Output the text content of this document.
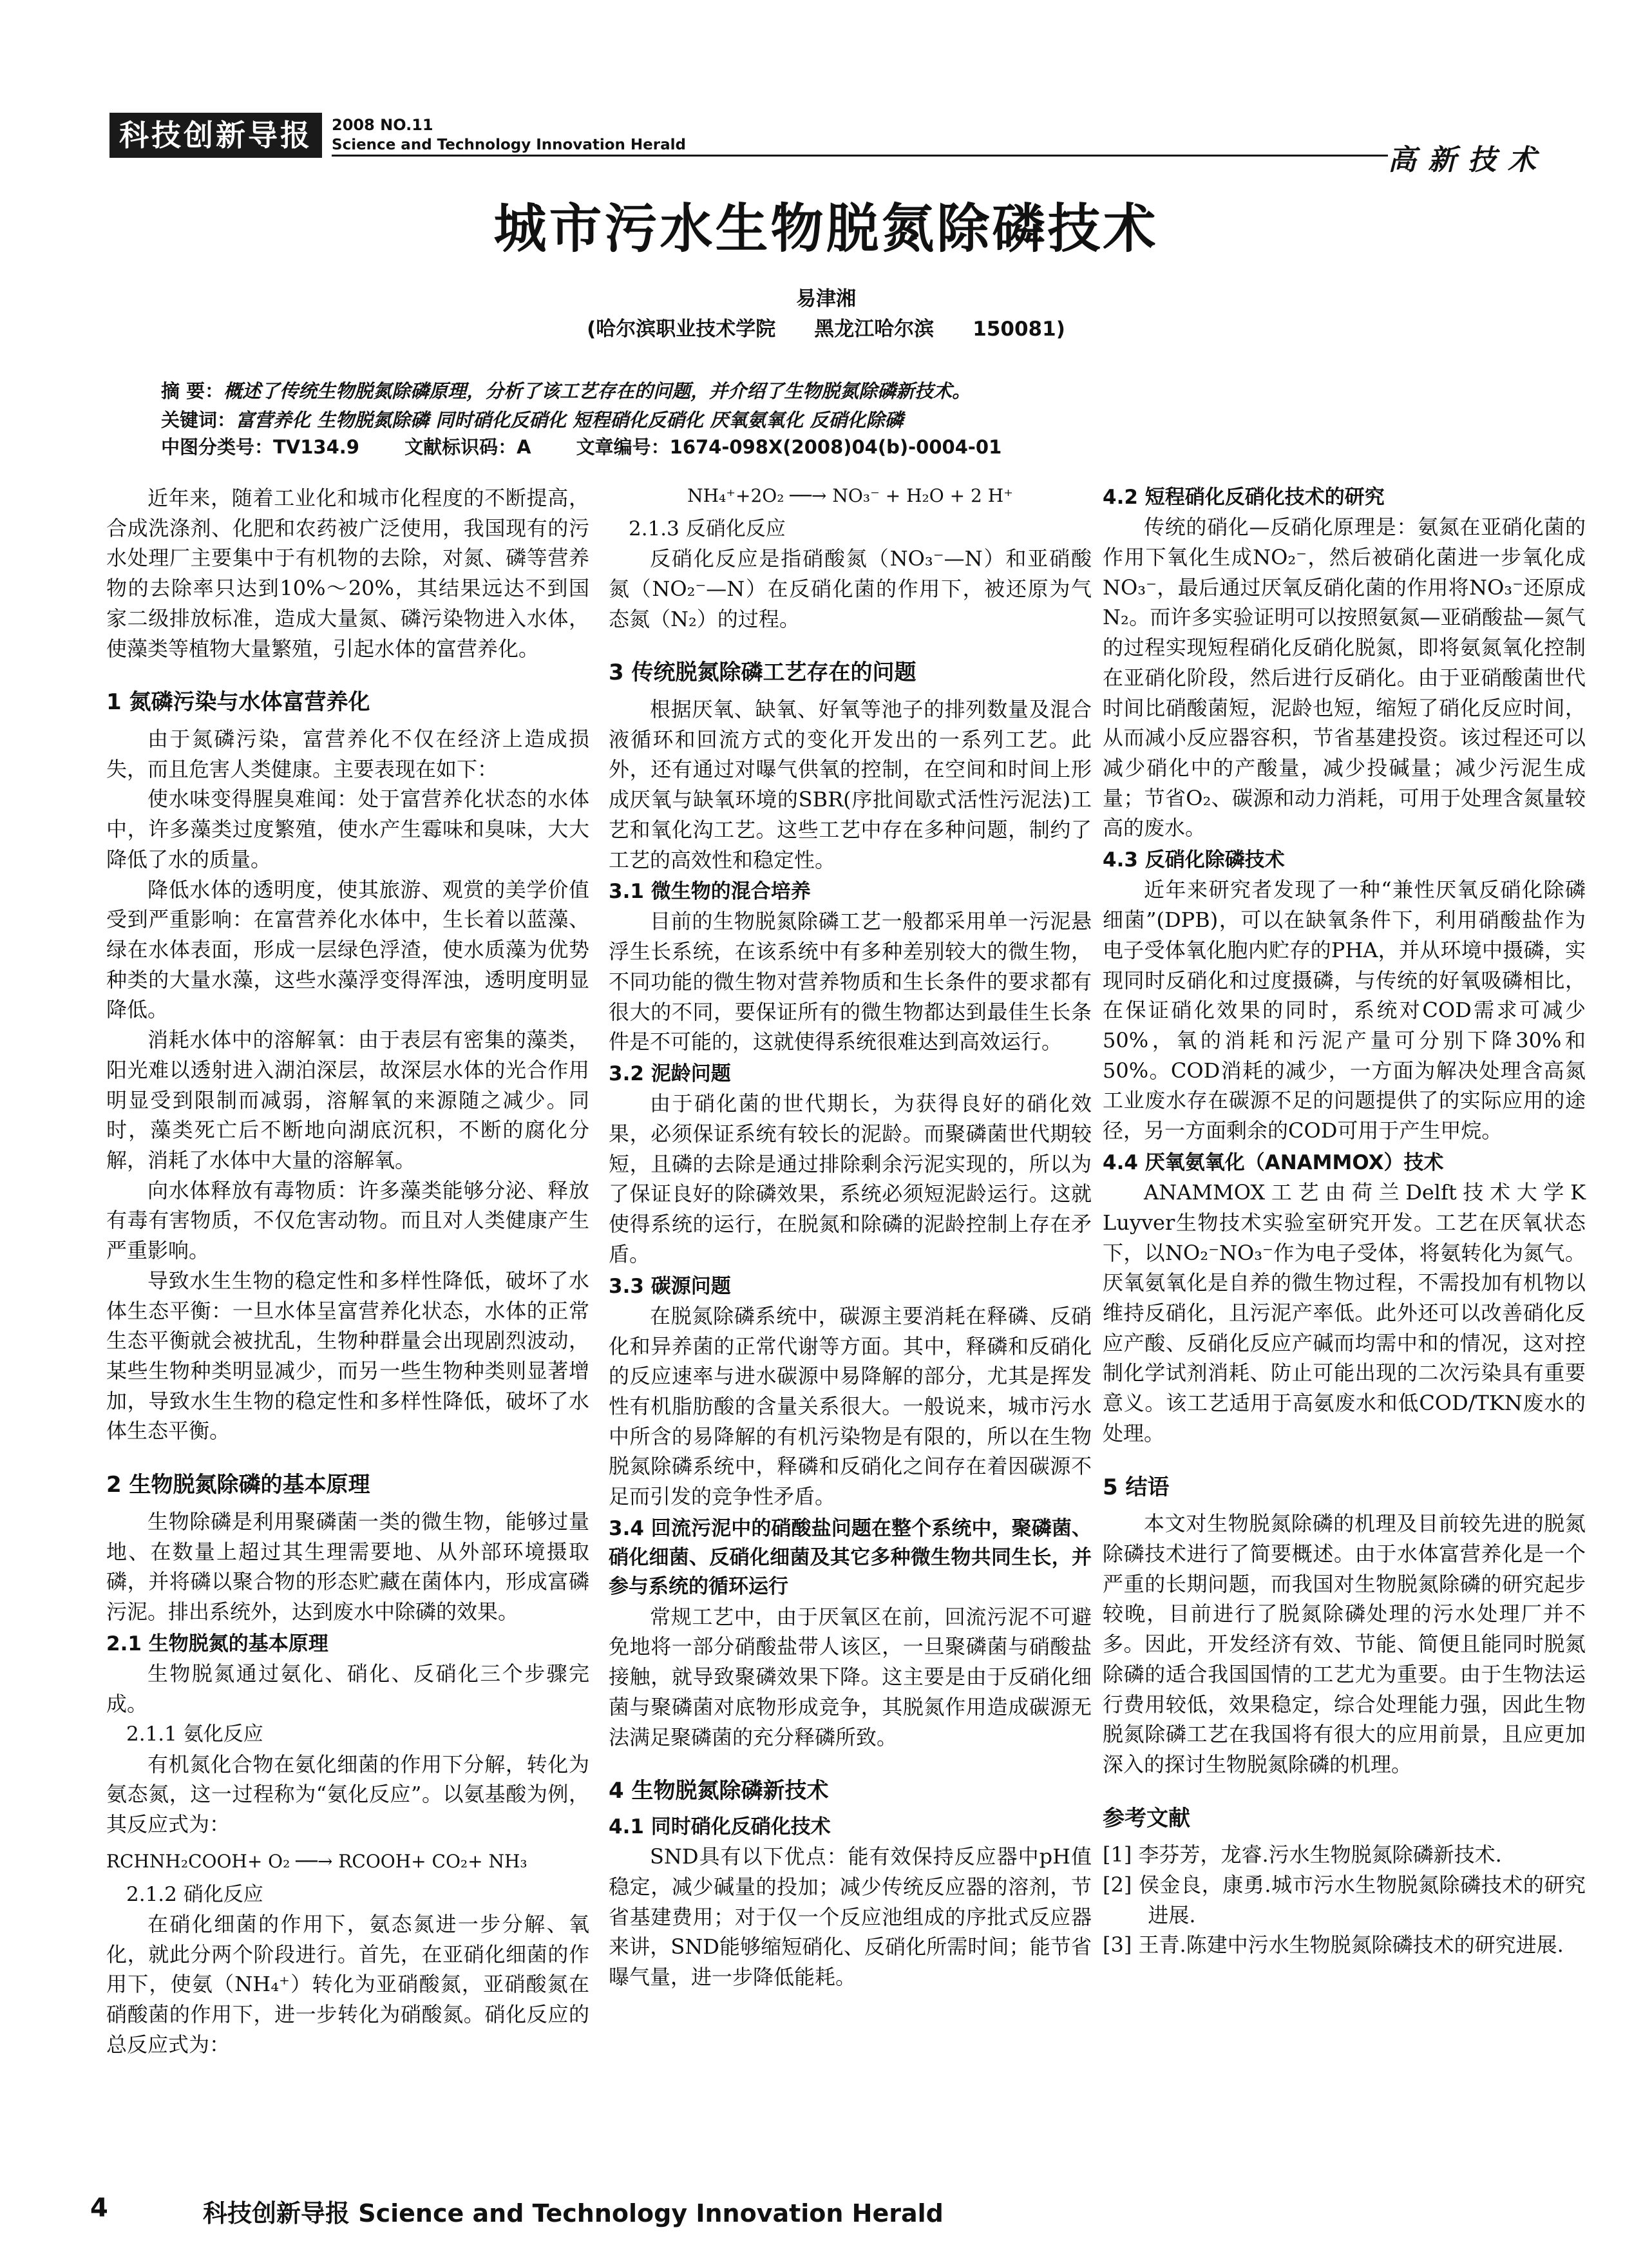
科技创新导报	2008 NO.11
Science and Technology Innovation Herald	高新技术
城市污水生物脱氮除磷技术
易津湘
(哈尔滨职业技术学院 黑龙江哈尔滨 150081)
摘 要：概述了传统生物脱氮除磷原理，分析了该工艺存在的问题，并介绍了生物脱氮除磷新技术。
关键词：富营养化 生物脱氮除磷 同时硝化反硝化 短程硝化反硝化 厌氧氨氧化 反硝化除磷
中图分类号：TV134.9 文献标识码：A 文章编号：1674-098X(2008)04(b)-0004-01

近年来，随着工业化和城市化程度的不断提高，合成洗涤剂、化肥和农药被广泛使用，我国现有的污水处理厂主要集中于有机物的去除，对氮、磷等营养物的去除率只达到10%～20%，其结果远达不到国家二级排放标准，造成大量氮、磷污染物进入水体，使藻类等植物大量繁殖，引起水体的富营养化。

1 氮磷污染与水体富营养化

由于氮磷污染，富营养化不仅在经济上造成损失，而且危害人类健康。主要表现在如下：

使水味变得腥臭难闻：处于富营养化状态的水体中，许多藻类过度繁殖，使水产生霉味和臭味，大大降低了水的质量。

降低水体的透明度，使其旅游、观赏的美学价值受到严重影响：在富营养化水体中，生长着以蓝藻、绿在水体表面，形成一层绿色浮渣，使水质藻为优势种类的大量水藻，这些水藻浮变得浑浊，透明度明显降低。

消耗水体中的溶解氧：由于表层有密集的藻类，阳光难以透射进入湖泊深层，故深层水体的光合作用明显受到限制而减弱，溶解氧的来源随之减少。同时，藻类死亡后不断地向湖底沉积，不断的腐化分解，消耗了水体中大量的溶解氧。

向水体释放有毒物质：许多藻类能够分泌、释放有毒有害物质，不仅危害动物。而且对人类健康产生严重影响。

导致水生生物的稳定性和多样性降低，破坏了水体生态平衡：一旦水体呈富营养化状态，水体的正常生态平衡就会被扰乱，生物种群量会出现剧烈波动，某些生物种类明显减少，而另一些生物种类则显著增加，导致水生生物的稳定性和多样性降低，破坏了水体生态平衡。

2 生物脱氮除磷的基本原理

生物除磷是利用聚磷菌一类的微生物，能够过量地、在数量上超过其生理需要地、从外部环境摄取磷，并将磷以聚合物的形态贮藏在菌体内，形成富磷污泥。排出系统外，达到废水中除磷的效果。

2.1 生物脱氮的基本原理

生物脱氮通过氨化、硝化、反硝化三个步骤完成。

2.1.1 氨化反应

有机氮化合物在氨化细菌的作用下分解，转化为氨态氮，这一过程称为“氨化反应”。以氨基酸为例，其反应式为：

RCHNH₂COOH+ O₂ ──→ RCOOH+ CO₂+ NH₃

2.1.2 硝化反应

在硝化细菌的作用下，氨态氮进一步分解、氧化，就此分两个阶段进行。首先，在亚硝化细菌的作用下，使氨（NH₄⁺）转化为亚硝酸氮，亚硝酸氮在硝酸菌的作用下，进一步转化为硝酸氮。硝化反应的总反应式为：

NH₄⁺+2O₂ ──→ NO₃⁻ + H₂O + 2 H⁺

2.1.3 反硝化反应

反硝化反应是指硝酸氮（NO₃⁻—N）和亚硝酸氮（NO₂⁻—N）在反硝化菌的作用下，被还原为气态氮（N₂）的过程。

3 传统脱氮除磷工艺存在的问题

根据厌氧、缺氧、好氧等池子的排列数量及混合液循环和回流方式的变化开发出的一系列工艺。此外，还有通过对曝气供氧的控制，在空间和时间上形成厌氧与缺氧环境的SBR(序批间歇式活性污泥法)工艺和氧化沟工艺。这些工艺中存在多种问题，制约了工艺的高效性和稳定性。

3.1 微生物的混合培养

目前的生物脱氮除磷工艺一般都采用单一污泥悬浮生长系统，在该系统中有多种差别较大的微生物，不同功能的微生物对营养物质和生长条件的要求都有很大的不同，要保证所有的微生物都达到最佳生长条件是不可能的，这就使得系统很难达到高效运行。

3.2 泥龄问题

由于硝化菌的世代期长，为获得良好的硝化效果，必须保证系统有较长的泥龄。而聚磷菌世代期较短，且磷的去除是通过排除剩余污泥实现的，所以为了保证良好的除磷效果，系统必须短泥龄运行。这就使得系统的运行，在脱氮和除磷的泥龄控制上存在矛盾。

3.3 碳源问题

在脱氮除磷系统中，碳源主要消耗在释磷、反硝化和异养菌的正常代谢等方面。其中，释磷和反硝化的反应速率与进水碳源中易降解的部分，尤其是挥发性有机脂肪酸的含量关系很大。一般说来，城市污水中所含的易降解的有机污染物是有限的，所以在生物脱氮除磷系统中，释磷和反硝化之间存在着因碳源不足而引发的竞争性矛盾。

3.4 回流污泥中的硝酸盐问题在整个系统中，聚磷菌、硝化细菌、反硝化细菌及其它多种微生物共同生长，并参与系统的循环运行

常规工艺中，由于厌氧区在前，回流污泥不可避免地将一部分硝酸盐带人该区，一旦聚磷菌与硝酸盐接触，就导致聚磷效果下降。这主要是由于反硝化细菌与聚磷菌对底物形成竞争，其脱氮作用造成碳源无法满足聚磷菌的充分释磷所致。

4 生物脱氮除磷新技术

4.1 同时硝化反硝化技术

SND具有以下优点：能有效保持反应器中pH值稳定，减少碱量的投加；减少传统反应器的溶剂，节省基建费用；对于仅一个反应池组成的序批式反应器来讲，SND能够缩短硝化、反硝化所需时间；能节省曝气量，进一步降低能耗。

4.2 短程硝化反硝化技术的研究

传统的硝化—反硝化原理是：氨氮在亚硝化菌的作用下氧化生成NO₂⁻，然后被硝化菌进一步氧化成NO₃⁻，最后通过厌氧反硝化菌的作用将NO₃⁻还原成N₂。而许多实验证明可以按照氨氮—亚硝酸盐—氮气的过程实现短程硝化反硝化脱氮，即将氨氮氧化控制在亚硝化阶段，然后进行反硝化。由于亚硝酸菌世代时间比硝酸菌短，泥龄也短，缩短了硝化反应时间，从而减小反应器容积，节省基建投资。该过程还可以减少硝化中的产酸量，减少投碱量；减少污泥生成量；节省O₂、碳源和动力消耗，可用于处理含氮量较高的废水。

4.3 反硝化除磷技术

近年来研究者发现了一种“兼性厌氧反硝化除磷细菌”(DPB)，可以在缺氧条件下，利用硝酸盐作为电子受体氧化胞内贮存的PHA，并从环境中摄磷，实现同时反硝化和过度摄磷，与传统的好氧吸磷相比，在保证硝化效果的同时，系统对COD需求可减少50%，氧的消耗和污泥产量可分别下降30%和50%。COD消耗的减少，一方面为解决处理含高氮工业废水存在碳源不足的问题提供了的实际应用的途径，另一方面剩余的COD可用于产生甲烷。

4.4 厌氧氨氧化（ANAMMOX）技术

ANAMMOX工艺由荷兰Delft技术大学K Luyver生物技术实验室研究开发。工艺在厌氧状态下，以NO₂⁻NO₃⁻作为电子受体，将氨转化为氮气。厌氧氨氧化是自养的微生物过程，不需投加有机物以维持反硝化，且污泥产率低。此外还可以改善硝化反应产酸、反硝化反应产碱而均需中和的情况，这对控制化学试剂消耗、防止可能出现的二次污染具有重要意义。该工艺适用于高氨废水和低COD/TKN废水的处理。

5 结语

本文对生物脱氮除磷的机理及目前较先进的脱氮除磷技术进行了简要概述。由于水体富营养化是一个严重的长期问题，而我国对生物脱氮除磷的研究起步较晚，目前进行了脱氮除磷处理的污水处理厂并不多。因此，开发经济有效、节能、简便且能同时脱氮除磷的适合我国国情的工艺尤为重要。由于生物法运行费用较低，效果稳定，综合处理能力强，因此生物脱氮除磷工艺在我国将有很大的应用前景，且应更加深入的探讨生物脱氮除磷的机理。

参考文献

[1] 李芬芳，龙睿.污水生物脱氮除磷新技术.

[2] 侯金良，康勇.城市污水生物脱氮除磷技术的研究进展.

[3] 王青.陈建中污水生物脱氮除磷技术的研究进展.

4	科技创新导报 Science and Technology Innovation Herald
